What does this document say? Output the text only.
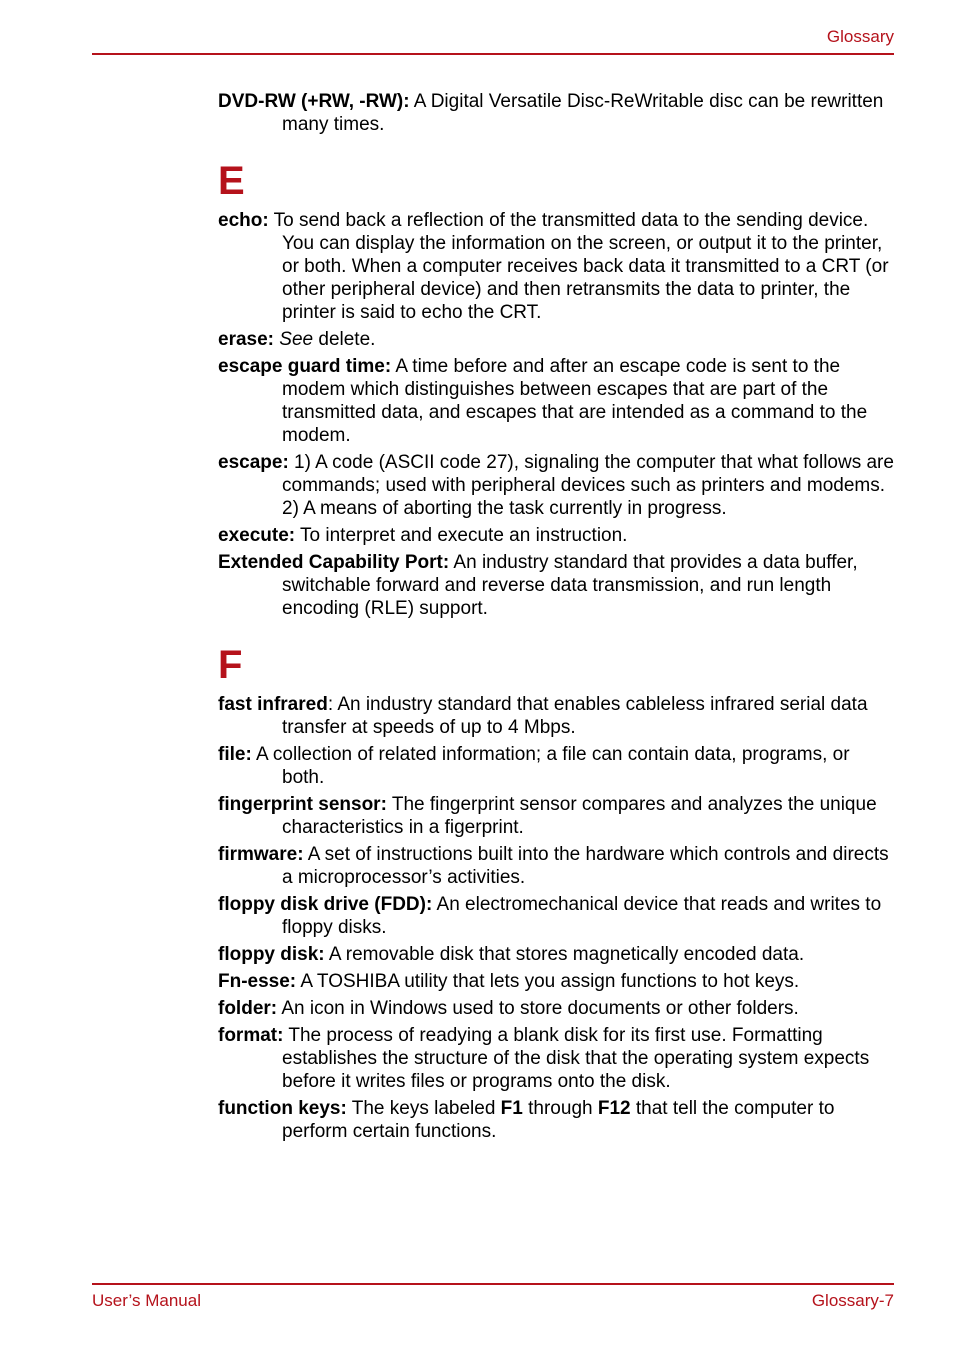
Glossary

DVD-RW (+RW, -RW): A Digital Versatile Disc-ReWritable disc can be rewritten many times.

E

echo: To send back a reflection of the transmitted data to the sending device. You can display the information on the screen, or output it to the printer, or both. When a computer receives back data it transmitted to a CRT (or other peripheral device) and then retransmits the data to printer, the printer is said to echo the CRT.

erase: See delete.

escape guard time: A time before and after an escape code is sent to the modem which distinguishes between escapes that are part of the transmitted data, and escapes that are intended as a command to the modem.

escape: 1) A code (ASCII code 27), signaling the computer that what follows are commands; used with peripheral devices such as printers and modems.
2) A means of aborting the task currently in progress.

execute: To interpret and execute an instruction.

Extended Capability Port: An industry standard that provides a data buffer, switchable forward and reverse data transmission, and run length encoding (RLE) support.

F

fast infrared: An industry standard that enables cableless infrared serial data transfer at speeds of up to 4 Mbps.

file: A collection of related information; a file can contain data, programs, or both.

fingerprint sensor: The fingerprint sensor compares and analyzes the unique characteristics in a figerprint.

firmware: A set of instructions built into the hardware which controls and directs a microprocessor’s activities.

floppy disk drive (FDD): An electromechanical device that reads and writes to floppy disks.

floppy disk: A removable disk that stores magnetically encoded data.

Fn-esse: A TOSHIBA utility that lets you assign functions to hot keys.

folder: An icon in Windows used to store documents or other folders.

format: The process of readying a blank disk for its first use. Formatting establishes the structure of the disk that the operating system expects before it writes files or programs onto the disk.

function keys: The keys labeled F1 through F12 that tell the computer to perform certain functions.

User’s Manual	Glossary-7
